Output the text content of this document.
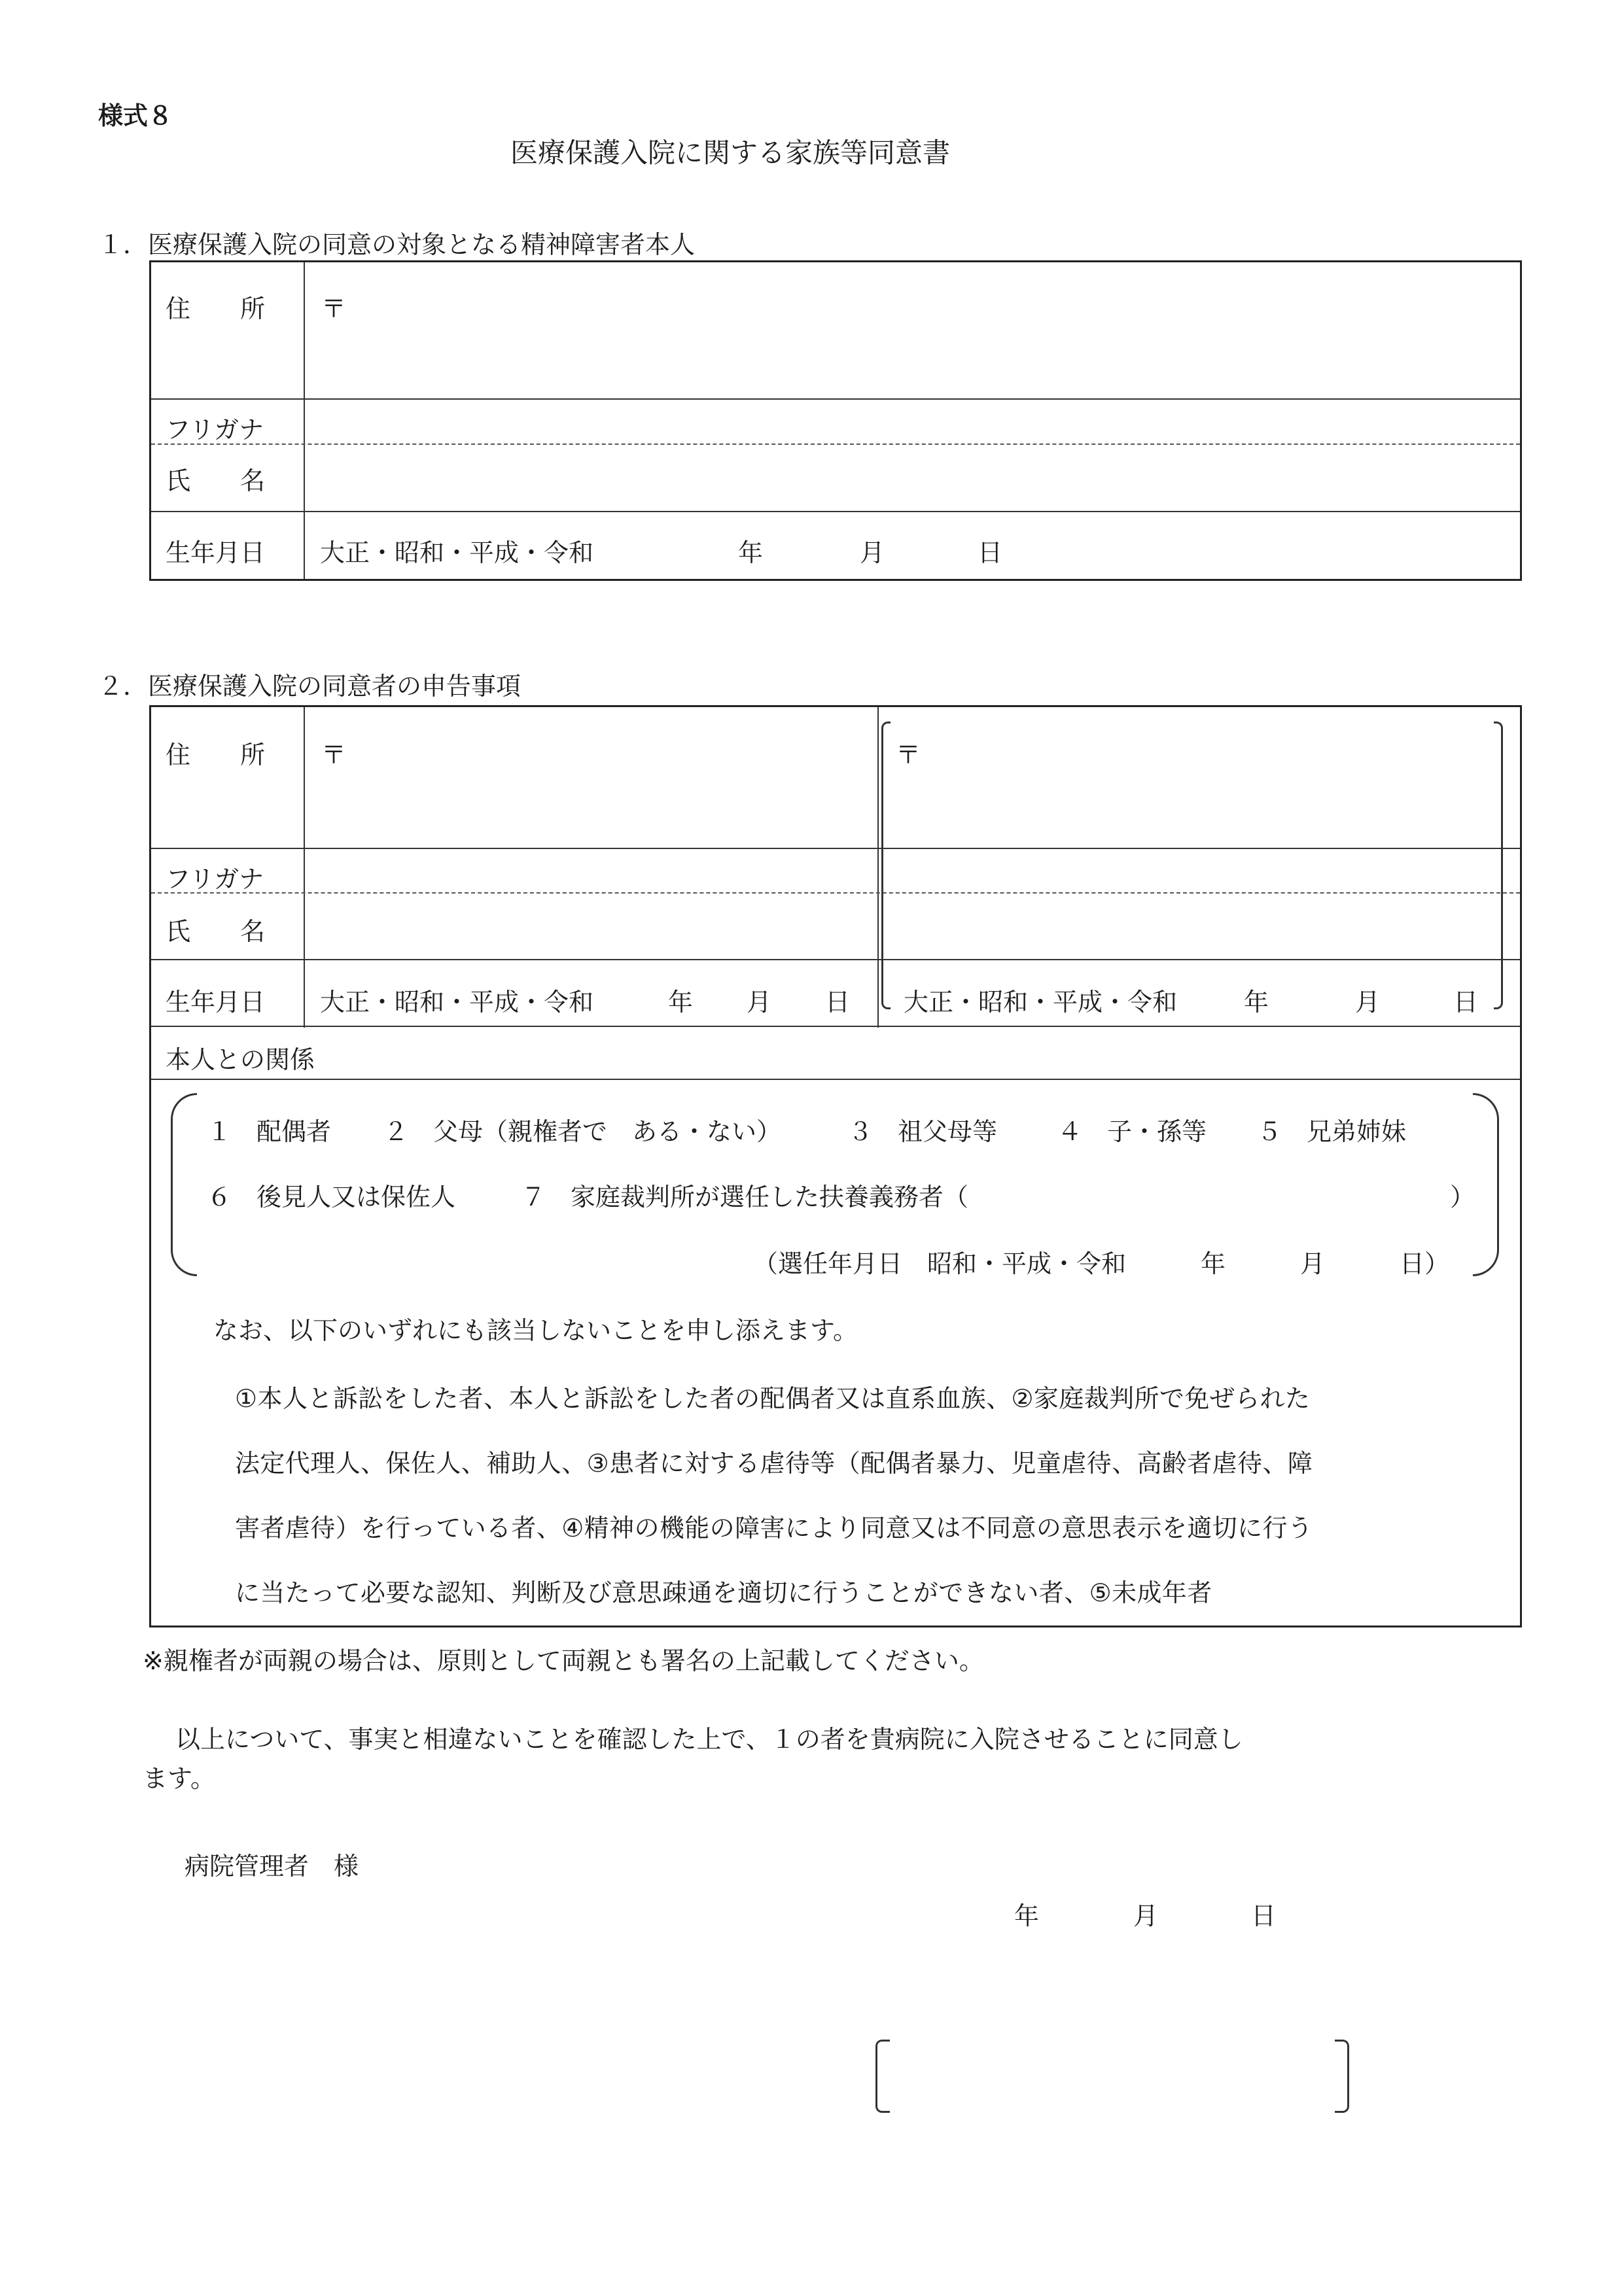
様式８
医療保護入院に関する家族等同意書
１．医療保護入院の同意の対象となる精神障害者本人
住　　所 〒
フリガナ
氏　　名
生年月日 大正・昭和・平成・令和	年	月	日
２．医療保護入院の同意者の申告事項
住　　所 〒	〒
フリガナ
氏　　名
生年月日 大正・昭和・平成・令和	年 月 日 大正・昭和・平成・令和	年	月	日
本人との関係
１　配偶者 ２　父母（親権者で　ある・ない）	３　祖父母等 ４　子・孫等 ５　兄弟姉妹
６　後見人又は保佐人	７　家庭裁判所が選任した扶養義務者（	）
（選任年月日　昭和・平成・令和　　　年　　　月　　　日）
なお、以下のいずれにも該当しないことを申し添えます。
①本人と訴訟をした者、本人と訴訟をした者の配偶者又は直系血族、②家庭裁判所で免ぜられた
法定代理人、保佐人、補助人、③患者に対する虐待等（配偶者暴力、児童虐待、高齢者虐待、障
害者虐待）を行っている者、④精神の機能の障害により同意又は不同意の意思表示を適切に行う
に当たって必要な認知、判断及び意思疎通を適切に行うことができない者、⑤未成年者
※親権者が両親の場合は、原則として両親とも署名の上記載してください。
以上について、事実と相違ないことを確認した上で、１の者を貴病院に入院させることに同意し
ます。
病院管理者　様
年	月	日
